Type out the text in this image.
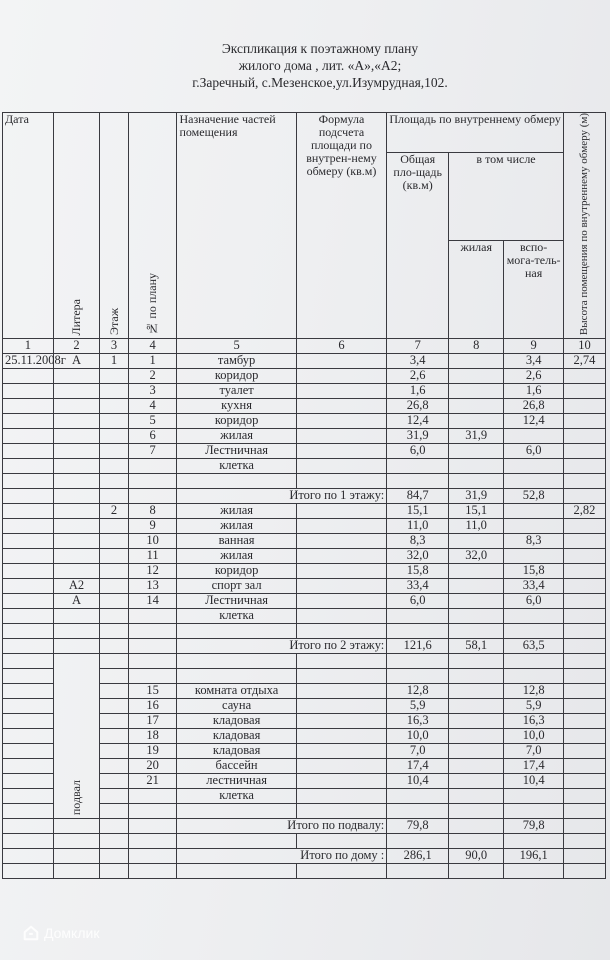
Экспликация к поэтажному плану
жилого дома , лит. «А»,«А2;
г.Заречный, с.Мезенское,ул.Изумрудная,102.
Дата	Литера	Этаж	№ по плану	Назначение частей помещения	Формула подсчета площади по внутрен-нему обмеру (кв.м)	Площадь по внутреннему обмеру			Высота помещения по внутреннему обмеру (м)
						Общая пло-щадь (кв.м)	в том числе		
							жилая	вспо-мога-тель-ная	
1	2	3	4	5	6	7	8	9	10
25.11.2008г	А	1	1	тамбур		3,4		3,4	2,74
			2	коридор		2,6		2,6	
			3	туалет		1,6		1,6	
			4	кухня		26,8		26,8	
			5	коридор		12,4		12,4	
			6	жилая		31,9	31,9		
			7	Лестничная		6,0		6,0	
				клетка					

				Итого по 1 этажу:		84,7	31,9	52,8	
		2	8	жилая		15,1	15,1		2,82
			9	жилая		11,0	11,0		
			10	ванная		8,3		8,3	
			11	жилая		32,0	32,0		
			12	коридор		15,8		15,8	
	А2		13	спорт зал		33,4		33,4	
	А		14	Лестничная		6,0		6,0	
				клетка					

				Итого по 2 этажу:		121,6	58,1	63,5	
	подвал								

			15	комната отдыха		12,8		12,8	
			16	сауна		5,9		5,9	
			17	кладовая		16,3		16,3	
			18	кладовая		10,0		10,0	
			19	кладовая		7,0		7,0	
			20	бассейн		17,4		17,4	
			21	лестничная		10,4		10,4	
				клетка					

				Итого по подвалу:		79,8		79,8	

				Итого по дому :		286,1	90,0	196,1	

Домклик
